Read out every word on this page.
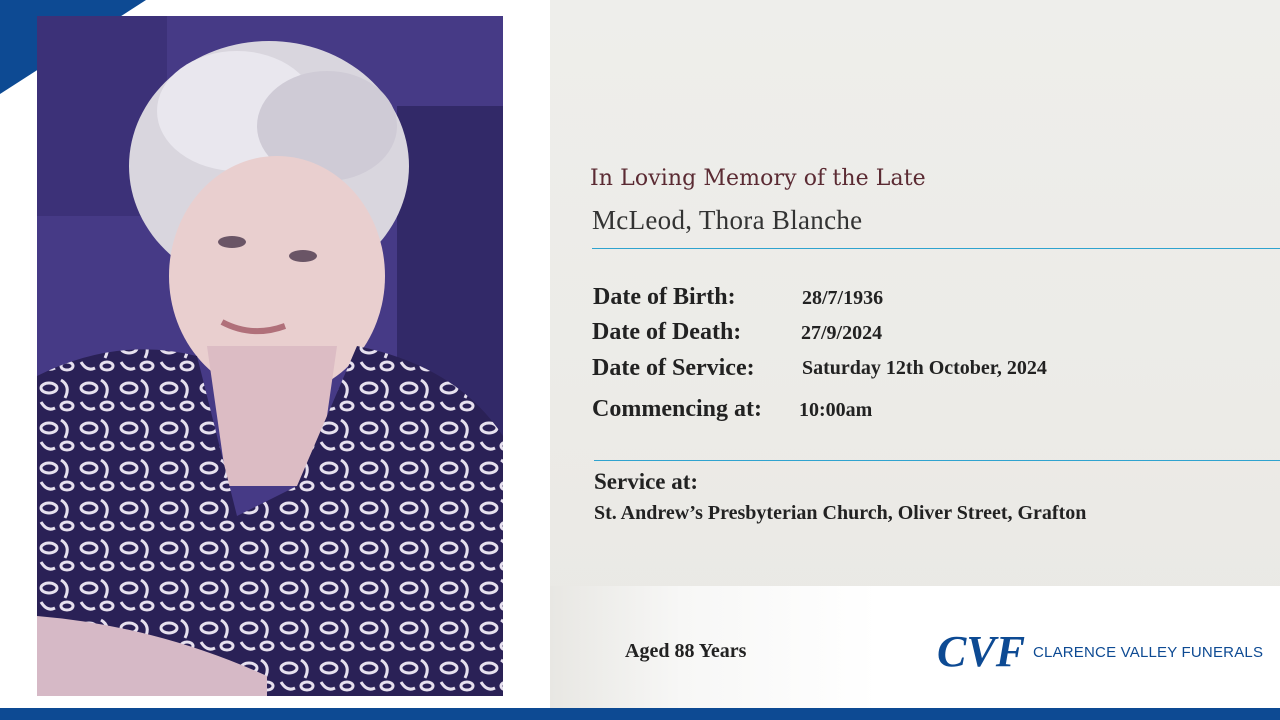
In Loving Memory of the Late
McLeod, Thora Blanche
Date of Birth:	28/7/1936
Date of Death:	27/9/2024
Date of Service: Saturday 12th October, 2024
Commencing at: 10:00am
Service at:
St. Andrew’s Presbyterian Church, Oliver Street, Grafton
Aged 88 Years	CVF CLARENCE VALLEY FUNERALS
